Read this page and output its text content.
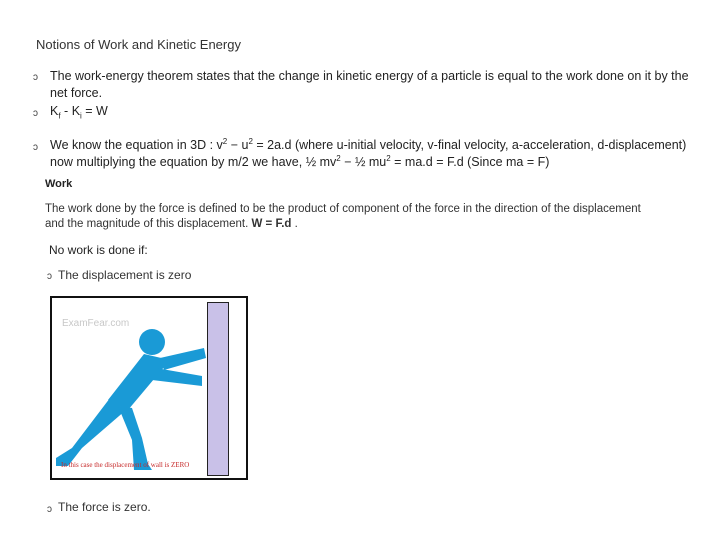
Notions of Work and Kinetic Energy
ↄ The work-energy theorem states that the change in kinetic energy of a particle is equal to the work done on it by the
net force.
ↄ $K_f - K_i = W$
ↄ We know the equation in 3D : $v^2 - u^2 = 2a.d$ (where u-initial velocity, v-final velocity, a-acceleration, d-displacement)
now multiplying the equation by m/2 we have, ½ $mv^2$ − ½ $mu^2 = ma.d = F.d$ (Since ma = F)
Work
The work done by the force is defined to be the product of component of the force in the direction of the displacement
and the magnitude of this displacement. W = F.d .
No work is done if:
ↄ The displacement is zero
ExamFear.com
In this case the displacement of wall is ZERO
ↄ The force is zero.
